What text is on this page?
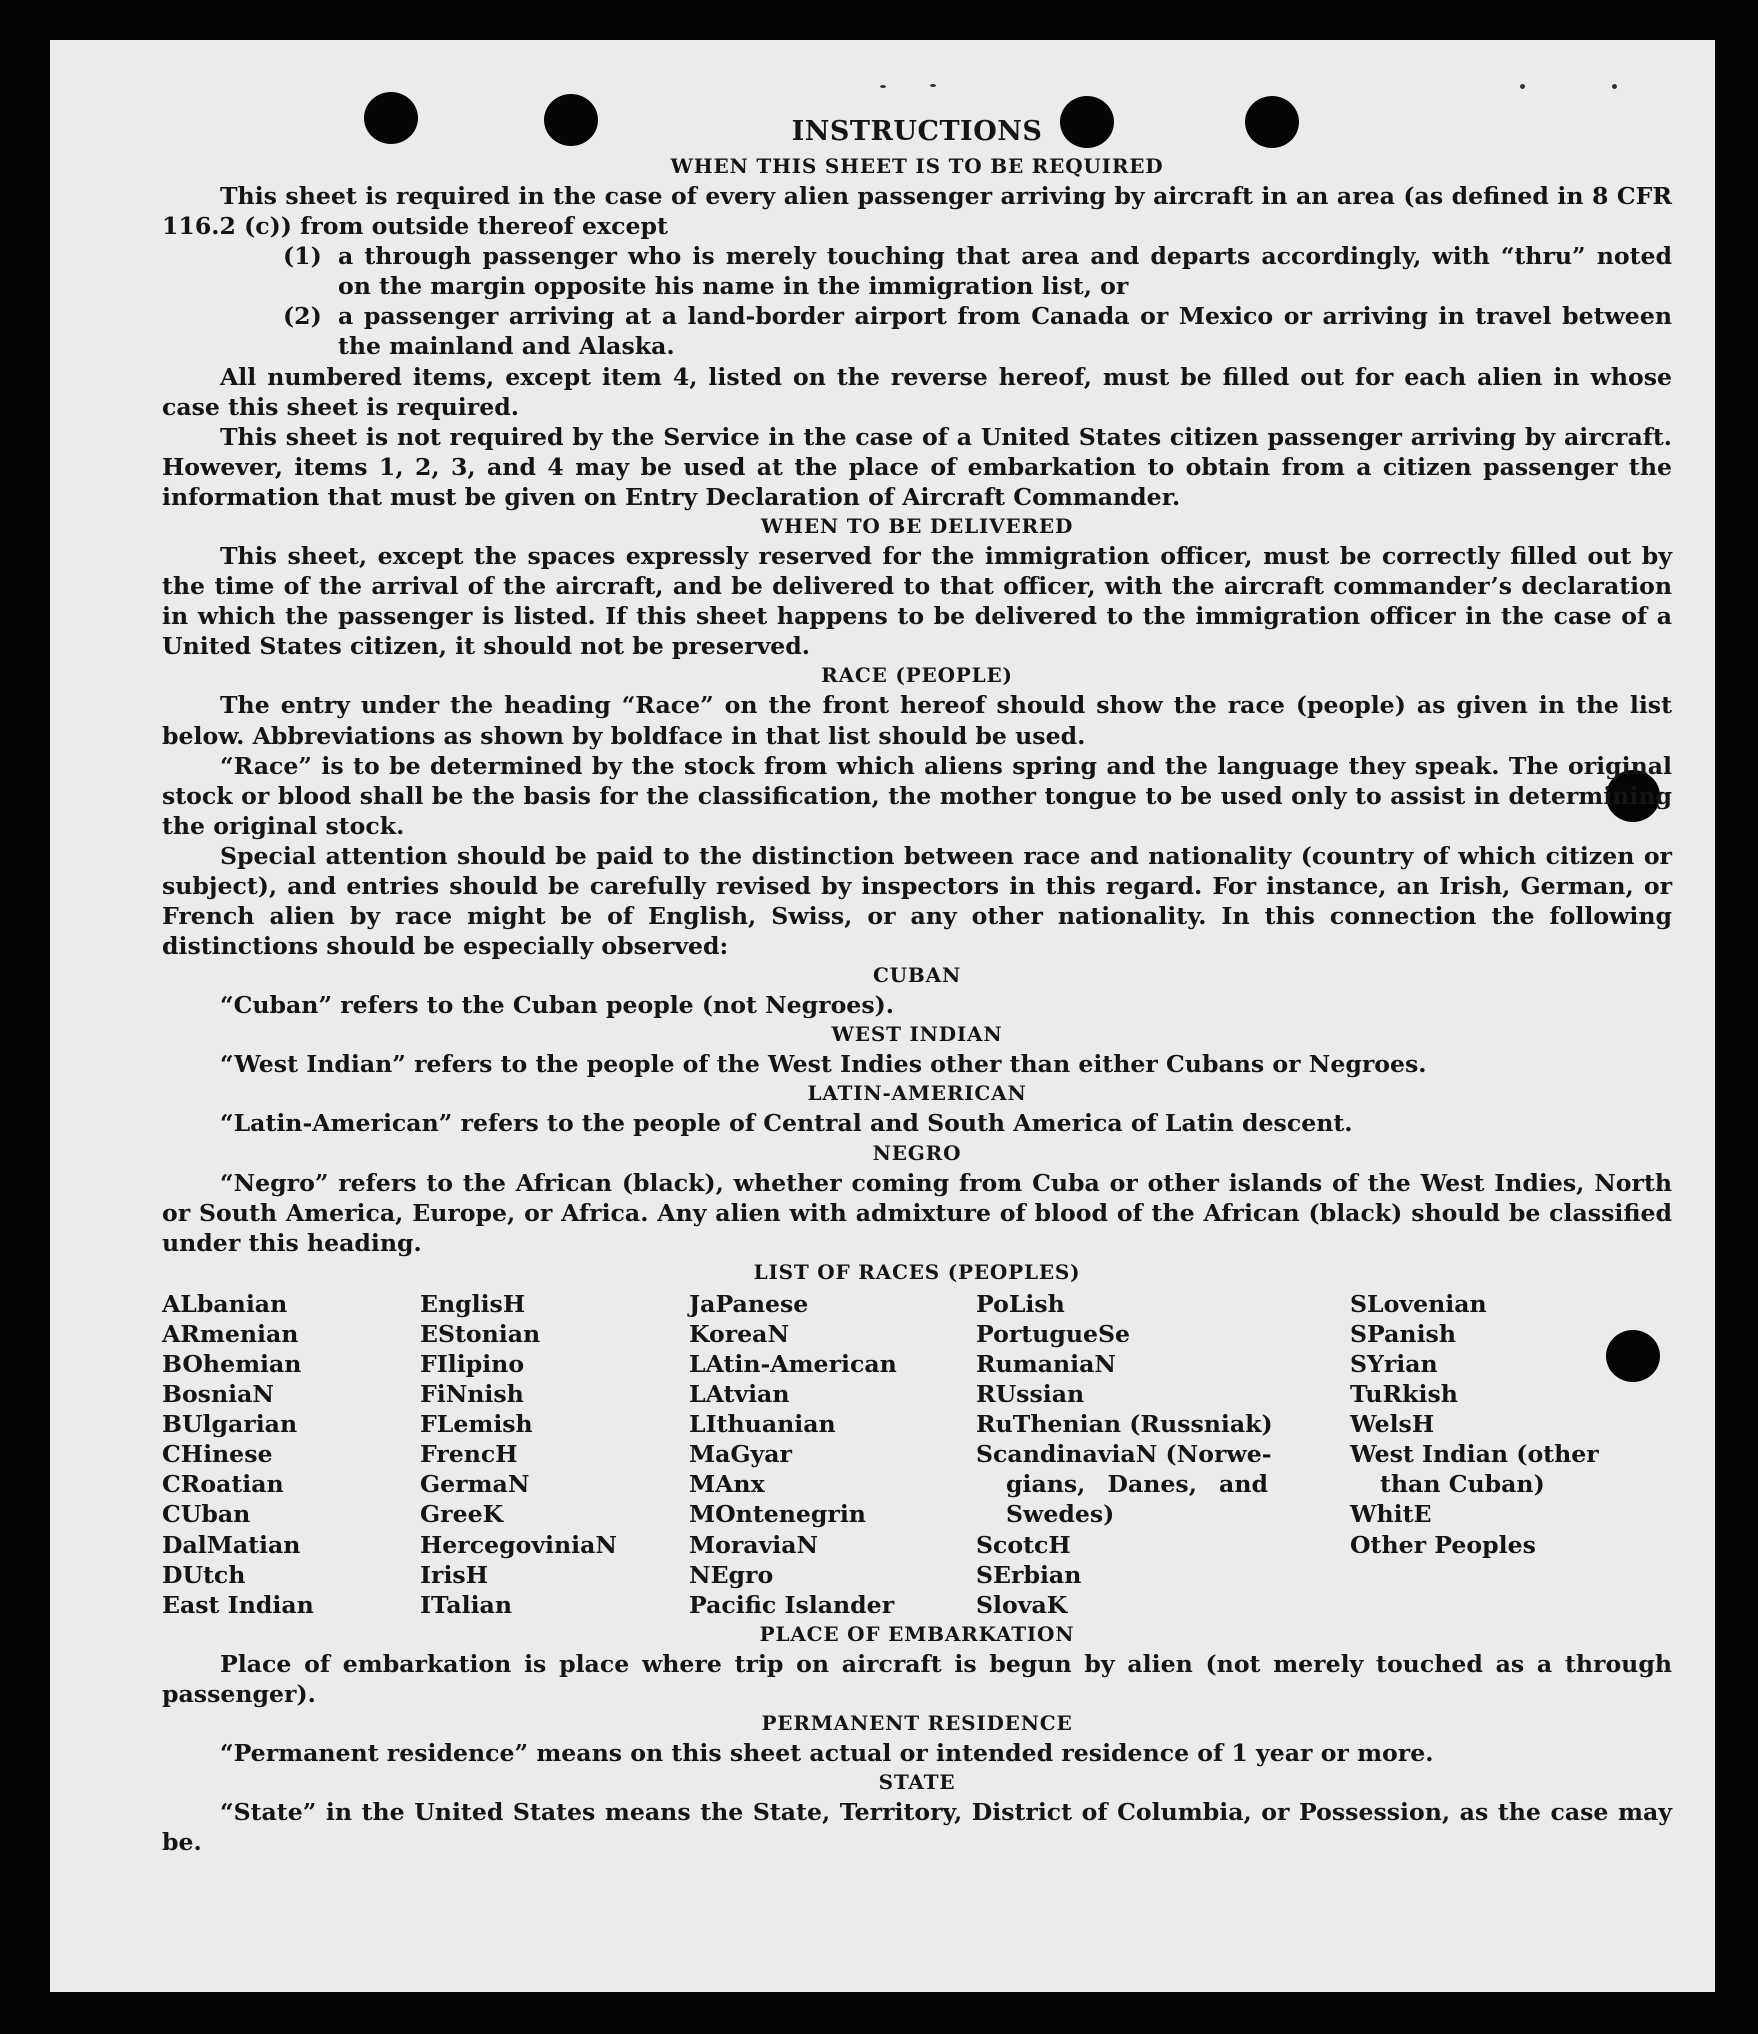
INSTRUCTIONS
WHEN THIS SHEET IS TO BE REQUIRED

This sheet is required in the case of every alien passenger arriving by aircraft in an area (as defined in 8 CFR 116.2 (c)) from outside thereof except

(1) a through passenger who is merely touching that area and departs accordingly, with “thru” noted on the margin opposite his name in the immigration list, or

(2) a passenger arriving at a land-border airport from Canada or Mexico or arriving in travel between the mainland and Alaska.

All numbered items, except item 4, listed on the reverse hereof, must be filled out for each alien in whose case this sheet is required.

This sheet is not required by the Service in the case of a United States citizen passenger arriving by aircraft. However, items 1, 2, 3, and 4 may be used at the place of embarkation to obtain from a citizen passenger the information that must be given on Entry Declaration of Aircraft Commander.

WHEN TO BE DELIVERED

This sheet, except the spaces expressly reserved for the immigration officer, must be correctly filled out by the time of the arrival of the aircraft, and be delivered to that officer, with the aircraft commander’s declaration in which the passenger is listed. If this sheet happens to be delivered to the immigration officer in the case of a United States citizen, it should not be preserved.

RACE (PEOPLE)

The entry under the heading “Race” on the front hereof should show the race (people) as given in the list below. Abbreviations as shown by boldface in that list should be used.

“Race” is to be determined by the stock from which aliens spring and the language they speak. The original stock or blood shall be the basis for the classification, the mother tongue to be used only to assist in determining the original stock.

Special attention should be paid to the distinction between race and nationality (country of which citizen or subject), and entries should be carefully revised by inspectors in this regard. For instance, an Irish, German, or French alien by race might be of English, Swiss, or any other nationality. In this connection the following distinctions should be especially observed:

CUBAN

“Cuban” refers to the Cuban people (not Negroes).

WEST INDIAN

“West Indian” refers to the people of the West Indies other than either Cubans or Negroes.

LATIN-AMERICAN

“Latin-American” refers to the people of Central and South America of Latin descent.

NEGRO

“Negro” refers to the African (black), whether coming from Cuba or other islands of the West Indies, North or South America, Europe, or Africa. Any alien with admixture of blood of the African (black) should be classified under this heading.

LIST OF RACES (PEOPLES)
ALbanian
ARmenian
BOhemian
BosniaN
BUlgarian
CHinese
CRoatian
CUban
DalMatian
DUtch
East Indian
EnglisH
EStonian
FIlipino
FiNnish
FLemish
FrencH
GermaN
GreeK
HercegoviniaN
IrisH
ITalian
JaPanese
KoreaN
LAtin-American
LAtvian
LIthuanian
MaGyar
MAnx
MOntenegrin
MoraviaN
NEgro
Pacific Islander
PoLish
PortugueSe
RumaniaN
RUssian
RuThenian (Russniak)
ScandinaviaN (Norwe-
gians, Danes, and
Swedes)
ScotcH
SErbian
SlovaK
SLovenian
SPanish
SYrian
TuRkish
WelsH
West Indian (other
than Cuban)
WhitE
Other Peoples
PLACE OF EMBARKATION

Place of embarkation is place where trip on aircraft is begun by alien (not merely touched as a through passenger).

PERMANENT RESIDENCE

“Permanent residence” means on this sheet actual or intended residence of 1 year or more.

STATE

“State” in the United States means the State, Territory, District of Columbia, or Possession, as the case may be.
